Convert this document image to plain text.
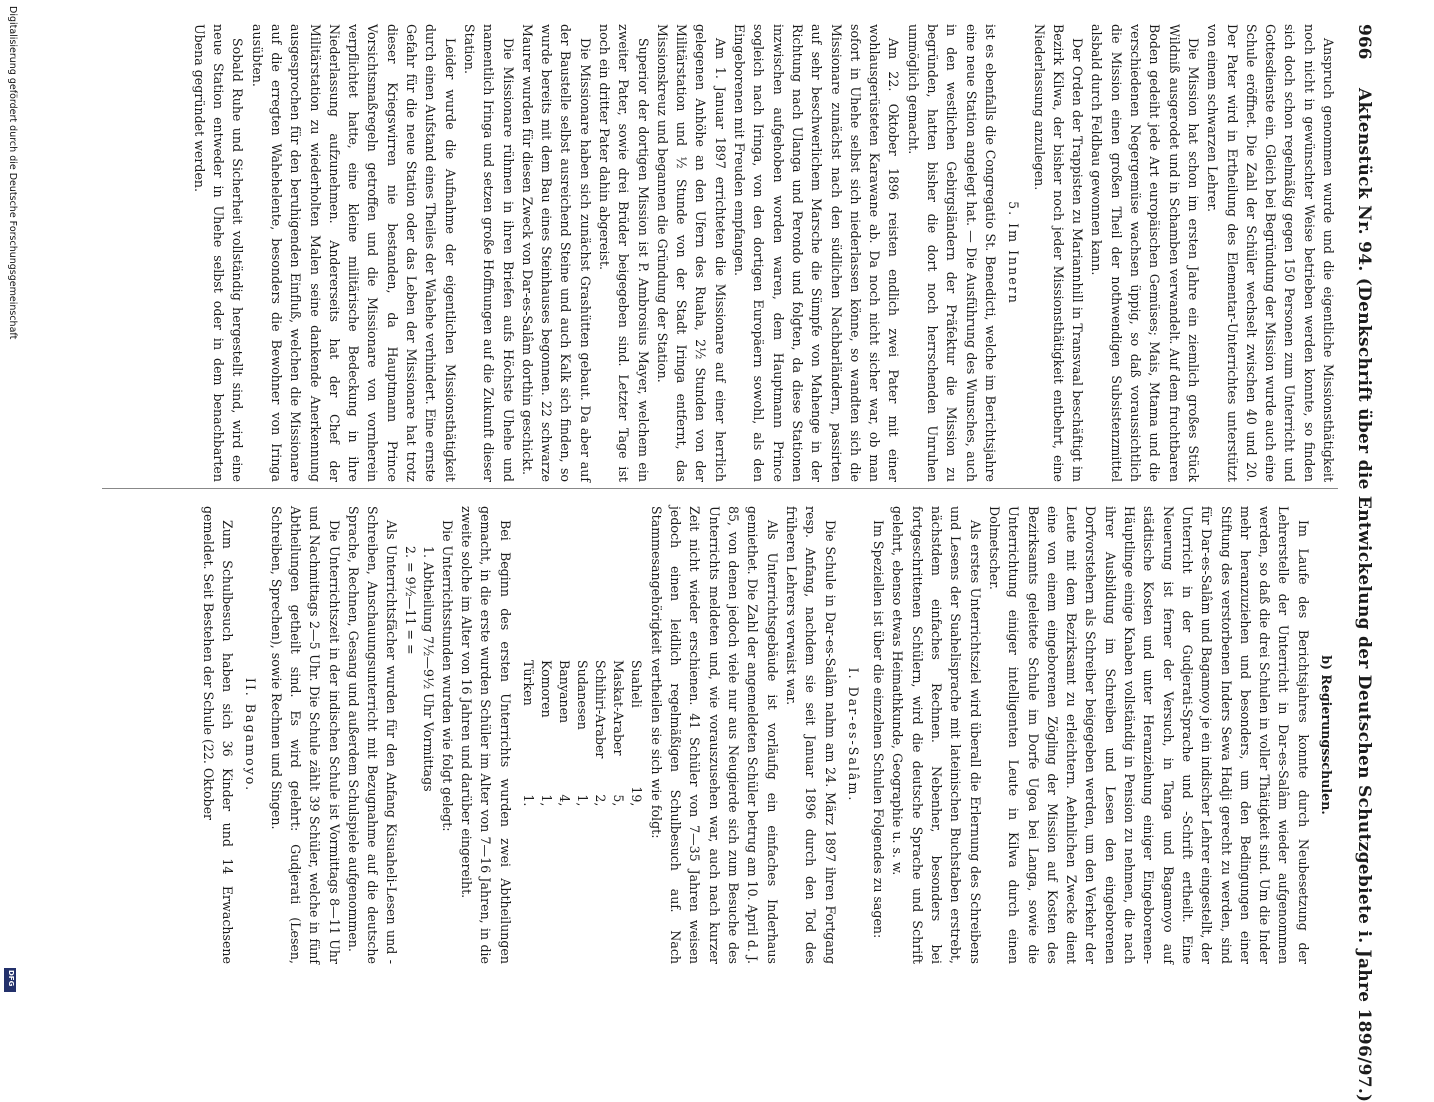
Digitalisierung gefördert durch die Deutsche Forschungsgemeinschaft
DFG
966
Aktenstück Nr. 94. (Denkschrift über die Entwickelung der Deutschen Schutzgebiete i. Jahre 1896/97.)

Anspruch genommen wurde und die eigentliche Missionsthätigkeit noch nicht in gewünschter Weise betrieben werden konnte, so finden sich doch schon regelmäßig gegen 150 Personen zum Unterricht und Gottesdienste ein. Gleich bei Begründung der Mission wurde auch eine Schule eröffnet. Die Zahl der Schüler wechselt zwischen 40 und 20. Der Pater wird in Ertheilung des Elementar-Unterrichtes unterstützt von einem schwarzen Lehrer.

Die Mission hat schon im ersten Jahre ein ziemlich großes Stück Wildniß ausgerodet und in Schamben verwandelt. Auf dem fruchtbaren Boden gedeiht jede Art europäischen Gemüses; Mais, Mtama und die verschiedenen Negergemüse wachsen üppig, so daß voraussichtlich die Mission einen großen Theil der nothwendigen Subsistenzmittel alsbald durch Feldbau gewonnen kann.

Der Orden der Trappisten zu Mariannhill in Transvaal beschäftigt im Bezirk Kilwa, der bisher noch jeder Missionsthätigkeit entbehrt, eine Niederlassung anzulegen.

5. Im Innern

ist es ebenfalls die Congregatio St. Benedicti, welche im Berichtsjahre eine neue Station angelegt hat. — Die Ausführung des Wunsches, auch in den westlichen Gebirgsländern der Präfektur die Mission zu begründen, hatten bisher die dort noch herrschenden Unruhen unmöglich gemacht.

Am 22. Oktober 1896 reisten endlich zwei Pater mit einer wohlausgerüsteten Karawane ab. Da noch nicht sicher war, ob man sofort in Uhehe selbst sich niederlassen könne, so wandten sich die Missionare zunächst nach den südlichen Nachbarländern, passirten auf sehr beschwerlichem Marsche die Sümpfe von Mahenge in der Richtung nach Ulanga und Perondo und folgten, da diese Stationen inzwischen aufgehoben worden waren, dem Hauptmann Prince sogleich nach Iringa, von den dortigen Europäern sowohl, als den Eingeborenen mit Freuden empfangen.

Am 1. Januar 1897 errichteten die Missionare auf einer herrlich gelegenen Anhöhe an den Ufern des Ruaha, 2½ Stunden von der Militärstation und ½ Stunde von der Stadt Iringa entfernt, das Missionskreuz und begannen die Gründung der Station.

Superior der dortigen Mission ist P. Ambrosius Mayer, welchem ein zweiter Pater, sowie drei Brüder beigegeben sind. Letzter Tage ist noch ein dritter Pater dahin abgereist.

Die Missionare haben sich zunächst Grashütten gebaut. Da aber auf der Baustelle selbst ausreichend Steine und auch Kalk sich finden, so wurde bereits mit dem Bau eines Steinhauses begonnen. 22 schwarze Maurer wurden für diesen Zweck von Dar-es-Salâm dorthin geschickt.

Die Missionare rühmen in ihren Briefen aufs Höchste Uhehe und namentlich Iringa und setzen große Hoffnungen auf die Zukunft dieser Station.

Leider wurde die Aufnahme der eigentlichen Missionsthätigkeit durch einen Aufstand eines Theiles der Wahehe verhindert. Eine ernste Gefahr für die neue Station oder das Leben der Missionare hat trotz dieser Kriegswirren nie bestanden, da Hauptmann Prince Vorsichtsmaßregeln getroffen und die Missionare von vornherein verpflichtet hatte, eine kleine militärische Bedeckung in ihre Niederlassung aufzunehmen. Andererseits hat der Chef der Militärstation zu wiederholten Malen seine dankende Anerkennung ausgesprochen für den beruhigenden Einfluß, welchen die Missionare auf die erregten Wahehelente, besonders die Bewohner von Iringa ausübten.

Sobald Ruhe und Sicherheit vollständig hergestellt sind, wird eine neue Station entweder in Uhehe selbst oder in dem benachbarten Ubena gegründet werden.

b) Regierungsschulen.

Im Laufe des Berichtsjahres konnte durch Neubesetzung der Lehrerstelle der Unterricht in Dar-es-Salâm wieder aufgenommen werden, so daß die drei Schulen in voller Thätigkeit sind. Um die Inder mehr heranzuziehen und besonders, um den Bedingungen einer Stiftung des verstorbenen Inders Sewa Hadji gerecht zu werden, sind für Dar-es-Salâm und Bagamoyo je ein indischer Lehrer eingestellt, der Unterricht in der Gudjerati-Sprache und -Schrift ertheilt. Eine Neuerung ist ferner der Versuch, in Tanga und Bagamoyo auf städtische Kosten und unter Heranziehung einiger Eingeborenen-Häuptlinge einige Knaben vollständig in Pension zu nehmen, die nach ihrer Ausbildung im Schreiben und Lesen den eingeborenen Dorfvorstehern als Schreiber beigegeben werden, um den Verkehr der Leute mit dem Bezirksamt zu erleichtern. Aehnlichen Zwecke dient eine von einem eingeborenen Zögling der Mission auf Kosten des Bezirksamts geleitete Schule im Dorfe Ugoa bei Langa, sowie die Unterrichtung einiger intelligenten Leute in Kilwa durch einen Dolmetscher.

Als erstes Unterrichtsziel wird überall die Erlernung des Schreibens und Lesens der Suahelisprache mit lateinischen Buchstaben erstrebt, nächstdem einfaches Rechnen. Nebenher, besonders bei fortgeschrittenen Schülern, wird die deutsche Sprache und Schrift gelehrt, ebenso etwas Heimathkunde, Geographie u. s. w.

Im Speziellen ist über die einzelnen Schulen Folgendes zu sagen:

I. Dar-es-Salâm.

Die Schule in Dar-es-Salâm nahm am 24. März 1897 ihren Fortgang resp. Anfang, nachdem sie seit Januar 1896 durch den Tod des früheren Lehrers verwaist war.

Als Unterrichtsgebäude ist vorläufig ein einfaches Inderhaus gemiethet. Die Zahl der angemeldeten Schüler betrug am 10. April d. J. 85, von denen jedoch viele nur aus Neugierde sich zum Besuche des Unterrichts meldeten und, wie vorauszusehen war, auch nach kurzer Zeit nicht wieder erschienen. 41 Schüler von 7—35 Jahren weisen jedoch einen leidlich regelmäßigen Schulbesuch auf. Nach Stammesangehörigkeit vertheilen sie sich wie folgt:

Suaheli	19,
Maskat-Araber	5,
Schihiri-Araber	2,
Sudanesen	1,
Banyanen	4,
Komoren	1,
Türken	1.

Bei Beginn des ersten Unterrichts wurden zwei Abtheilungen gemacht, in die erste wurden Schüler im Alter von 7—16 Jahren, in die zweite solche im Alter von 16 Jahren und darüber eingereiht.

Die Unterrichtsstunden wurden wie folgt gelegt:

1. Abtheilung 7½—9½ Uhr Vormittags
2. = 9½—11 = =

Als Unterrichtsfächer wurden für den Anfang Kisuaheli-Lesen und -Schreiben, Anschauungsunterricht mit Bezugnahme auf die deutsche Sprache, Rechnen, Gesang und außerdem Schulspiele aufgenommen.

Die Unterrichtszeit in der indischen Schule ist Vormittags 8—11 Uhr und Nachmittags 2—5 Uhr. Die Schule zählt 39 Schüler, welche in fünf Abtheilungen getheilt sind. Es wird gelehrt: Gudjerati (Lesen, Schreiben, Sprechen), sowie Rechnen und Singen.

II. Bagamoyo.

Zum Schulbesuch haben sich 36 Kinder und 14 Erwachsene gemeldet. Seit Bestehen der Schule (22. Oktober
